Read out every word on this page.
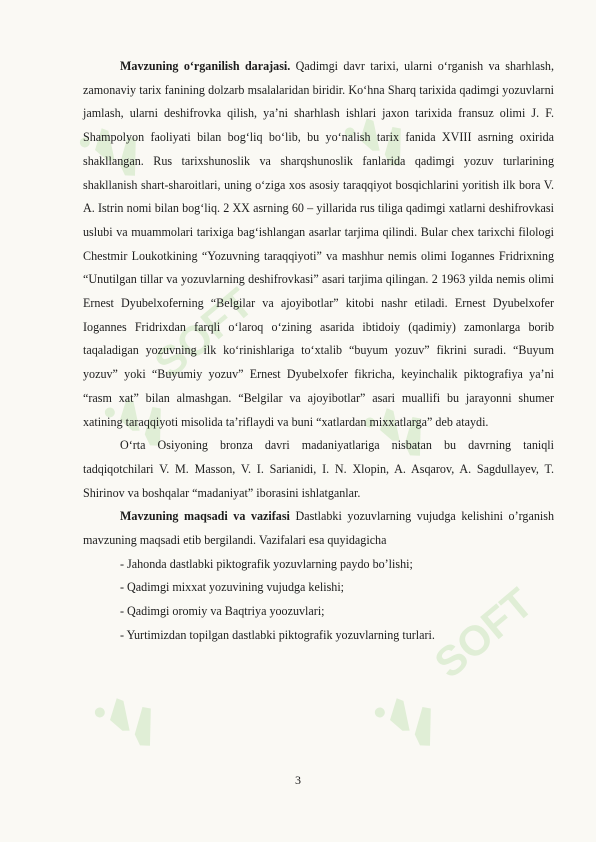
SOFT
SOFT

Mavzuning o‘rganilish darajasi. Qadimgi davr tarixi, ularni o‘rganish va sharhlash, zamonaviy tarix fanining dolzarb msalalaridan biridir. Ko‘hna Sharq tarixida qadimgi yozuvlarni jamlash, ularni deshifrovka qilish, ya’ni sharhlash ishlari jaxon tarixida fransuz olimi J. F. Shampolyon faoliyati bilan bog‘liq bo‘lib, bu yo‘nalish tarix fanida XVIII asrning oxirida shakllangan. Rus tarixshunoslik va sharqshunoslik fanlarida qadimgi yozuv turlarining shakllanish shart-sharoitlari, uning o‘ziga xos asosiy taraqqiyot bosqichlarini yoritish ilk bora V. A. Istrin nomi bilan bog‘liq. 2 XX asrning 60 – yillarida rus tiliga qadimgi xatlarni deshifrovkasi uslubi va muammolari tarixiga bag‘ishlangan asarlar tarjima qilindi. Bular chex tarixchi filologi Chestmir Loukotkining “Yozuvning taraqqiyoti” va mashhur nemis olimi Iogannes Fridrixning “Unutilgan tillar va yozuvlarning deshifrovkasi” asari tarjima qilingan. 2 1963 yilda nemis olimi Ernest Dyubelxoferning “Belgilar va ajoyibotlar” kitobi nashr etiladi. Ernest Dyubelxofer Iogannes Fridrixdan farqli o‘laroq o‘zining asarida ibtidoiy (qadimiy) zamonlarga borib taqaladigan yozuvning ilk ko‘rinishlariga to‘xtalib “buyum yozuv” fikrini suradi. “Buyum yozuv” yoki “Buyumiy yozuv” Ernest Dyubelxofer fikricha, keyinchalik piktografiya ya’ni “rasm xat” bilan almashgan. “Belgilar va ajoyibotlar” asari muallifi bu jarayonni shumer xatining taraqqiyoti misolida ta’riflaydi va buni “xatlardan mixxatlarga” deb ataydi.

O‘rta Osiyoning bronza davri madaniyatlariga nisbatan bu davrning taniqli tadqiqotchilari V. M. Masson, V. I. Sarianidi, I. N. Xlopin, A. Asqarov, A. Sagdullayev, T. Shirinov va boshqalar “madaniyat” iborasini ishlatganlar.

Mavzuning maqsadi va vazifasi Dastlabki yozuvlarning vujudga kelishini o’rganish mavzuning maqsadi etib bergilandi. Vazifalari esa quyidagicha

- Jahonda dastlabki piktografik yozuvlarning paydo bo’lishi;
- Qadimgi mixxat yozuvining vujudga kelishi;
- Qadimgi oromiy va Baqtriya yoozuvlari;
- Yurtimizdan topilgan dastlabki piktografik yozuvlarning turlari.
3
